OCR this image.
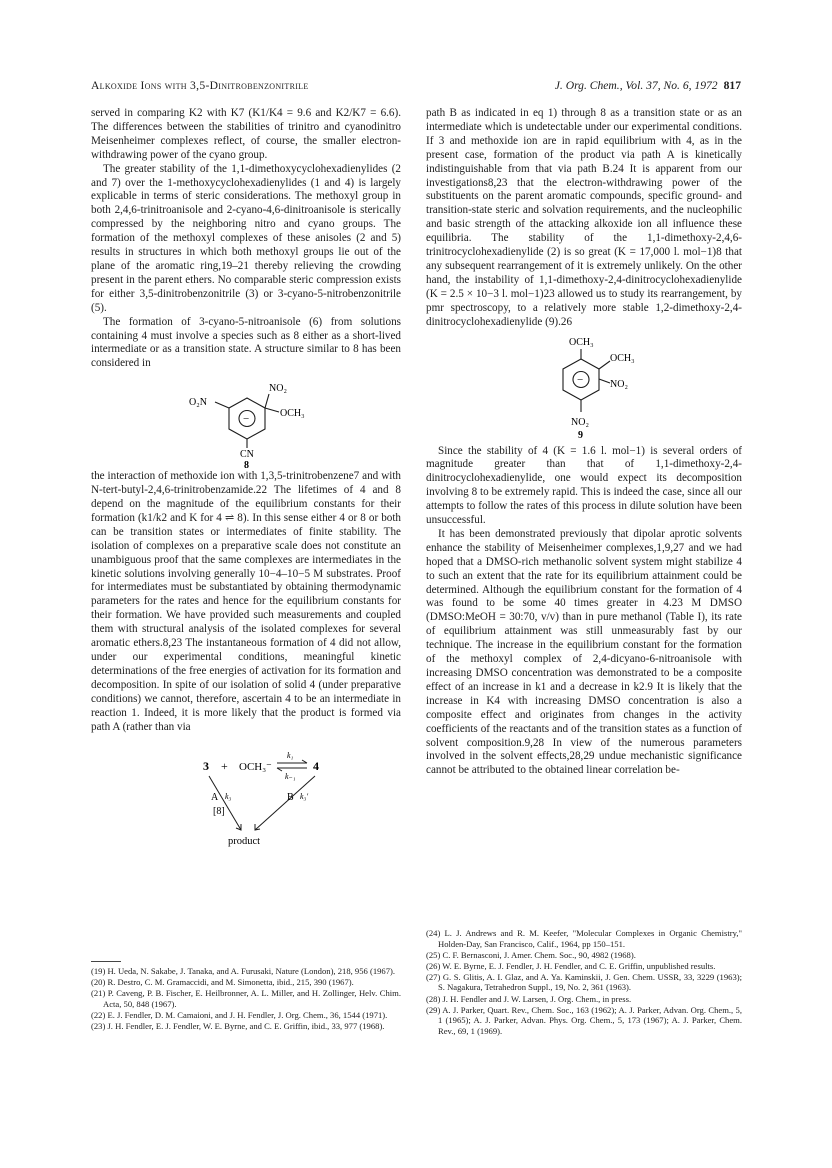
Alkoxide Ions with 3,5-Dinitrobenzonitrile	J. Org. Chem., Vol. 37, No. 6, 1972 817

served in comparing K2 with K7 (K1/K4 = 9.6 and K2/K7 = 6.6). The differences between the stabilities of trinitro and cyanodinitro Meisenheimer complexes reflect, of course, the smaller electron-withdrawing power of the cyano group.

The greater stability of the 1,1-dimethoxycyclohexadienylides (2 and 7) over the 1-methoxycyclohexadienylides (1 and 4) is largely explicable in terms of steric considerations. The methoxyl group in both 2,4,6-trinitroanisole and 2-cyano-4,6-dinitroanisole is sterically compressed by the neighboring nitro and cyano groups. The formation of the methoxyl complexes of these anisoles (2 and 5) results in structures in which both methoxyl groups lie out of the plane of the aromatic ring,19–21 thereby relieving the crowding present in the parent ethers. No comparable steric compression exists for either 3,5-dinitrobenzonitrile (3) or 3-cyano-5-nitrobenzonitrile (5).

The formation of 3-cyano-5-nitroanisole (6) from solutions containing 4 must involve a species such as 8 either as a short-lived intermediate or as a transition state. A structure similar to 8 has been considered in

−
O₂N
NO₂
OCH₃
CN
8

the interaction of methoxide ion with 1,3,5-trinitrobenzene7 and with N-tert-butyl-2,4,6-trinitrobenzamide.22 The lifetimes of 4 and 8 depend on the magnitude of the equilibrium constants for their formation (k1/k2 and K for 4 ⇌ 8). In this sense either 4 or 8 or both can be transition states or intermediates of finite stability. The isolation of complexes on a preparative scale does not constitute an unambiguous proof that the same complexes are intermediates in the kinetic solutions involving generally 10−4–10−5 M substrates. Proof for intermediates must be substantiated by obtaining thermodynamic parameters for the rates and hence for the equilibrium constants for their formation. We have provided such measurements and coupled them with structural analysis of the isolated complexes for several aromatic ethers.8,23 The instantaneous formation of 4 did not allow, under our experimental conditions, meaningful kinetic determinations of the free energies of activation for its formation and decomposition. In spite of our isolation of solid 4 (under preparative conditions) we cannot, therefore, ascertain 4 to be an intermediate in reaction 1. Indeed, it is more likely that the product is formed via path A (rather than via

3 + OCH₃⁻
k₁
k₋₁
4
A k₃
[8]
B k₃′
product

path B as indicated in eq 1) through 8 as a transition state or as an intermediate which is undetectable under our experimental conditions. If 3 and methoxide ion are in rapid equilibrium with 4, as in the present case, formation of the product via path A is kinetically indistinguishable from that via path B.24 It is apparent from our investigations8,23 that the electron-withdrawing power of the substituents on the parent aromatic compounds, specific ground- and transition-state steric and solvation requirements, and the nucleophilic and basic strength of the attacking alkoxide ion all influence these equilibria. The stability of the 1,1-dimethoxy-2,4,6-trinitrocyclohexadienylide (2) is so great (K = 17,000 l. mol−1)8 that any subsequent rearrangement of it is extremely unlikely. On the other hand, the instability of 1,1-dimethoxy-2,4-dinitrocyclohexadienylide (K = 2.5 × 10−3 l. mol−1)23 allowed us to study its rearrangement, by pmr spectroscopy, to a relatively more stable 1,2-dimethoxy-2,4-dinitrocyclohexadienylide (9).26

−
OCH₃
OCH₃
NO₂
NO₂
9

Since the stability of 4 (K = 1.6 l. mol−1) is several orders of magnitude greater than that of 1,1-dimethoxy-2,4-dinitrocyclohexadienylide, one would expect its decomposition involving 8 to be extremely rapid. This is indeed the case, since all our attempts to follow the rates of this process in dilute solution have been unsuccessful.

It has been demonstrated previously that dipolar aprotic solvents enhance the stability of Meisenheimer complexes,1,9,27 and we had hoped that a DMSO-rich methanolic solvent system might stabilize 4 to such an extent that the rate for its equilibrium attainment could be determined. Although the equilibrium constant for the formation of 4 was found to be some 40 times greater in 4.23 M DMSO (DMSO:MeOH = 30:70, v/v) than in pure methanol (Table I), its rate of equilibrium attainment was still unmeasurably fast by our technique. The increase in the equilibrium constant for the formation of the methoxyl complex of 2,4-dicyano-6-nitroanisole with increasing DMSO concentration was demonstrated to be a composite effect of an increase in k1 and a decrease in k2.9 It is likely that the increase in K4 with increasing DMSO concentration is also a composite effect and originates from changes in the activity coefficients of the reactants and of the transition states as a function of solvent composition.9,28 In view of the numerous parameters involved in the solvent effects,28,29 undue mechanistic significance cannot be attributed to the obtained linear correlation be-

(19) H. Ueda, N. Sakabe, J. Tanaka, and A. Furusaki, Nature (London), 218, 956 (1967).
(20) R. Destro, C. M. Gramaccidi, and M. Simonetta, ibid., 215, 390 (1967).
(21) P. Caveng, P. B. Fischer, E. Heilbronner, A. L. Miller, and H. Zollinger, Helv. Chim. Acta, 50, 848 (1967).
(22) E. J. Fendler, D. M. Camaioni, and J. H. Fendler, J. Org. Chem., 36, 1544 (1971).
(23) J. H. Fendler, E. J. Fendler, W. E. Byrne, and C. E. Griffin, ibid., 33, 977 (1968).
(24) L. J. Andrews and R. M. Keefer, "Molecular Complexes in Organic Chemistry," Holden-Day, San Francisco, Calif., 1964, pp 150–151.
(25) C. F. Bernasconi, J. Amer. Chem. Soc., 90, 4982 (1968).
(26) W. E. Byrne, E. J. Fendler, J. H. Fendler, and C. E. Griffin, unpublished results.
(27) G. S. Glitis, A. I. Glaz, and A. Ya. Kaminskii, J. Gen. Chem. USSR, 33, 3229 (1963); S. Nagakura, Tetrahedron Suppl., 19, No. 2, 361 (1963).
(28) J. H. Fendler and J. W. Larsen, J. Org. Chem., in press.
(29) A. J. Parker, Quart. Rev., Chem. Soc., 163 (1962); A. J. Parker, Advan. Org. Chem., 5, 1 (1965); A. J. Parker, Advan. Phys. Org. Chem., 5, 173 (1967); A. J. Parker, Chem. Rev., 69, 1 (1969).
